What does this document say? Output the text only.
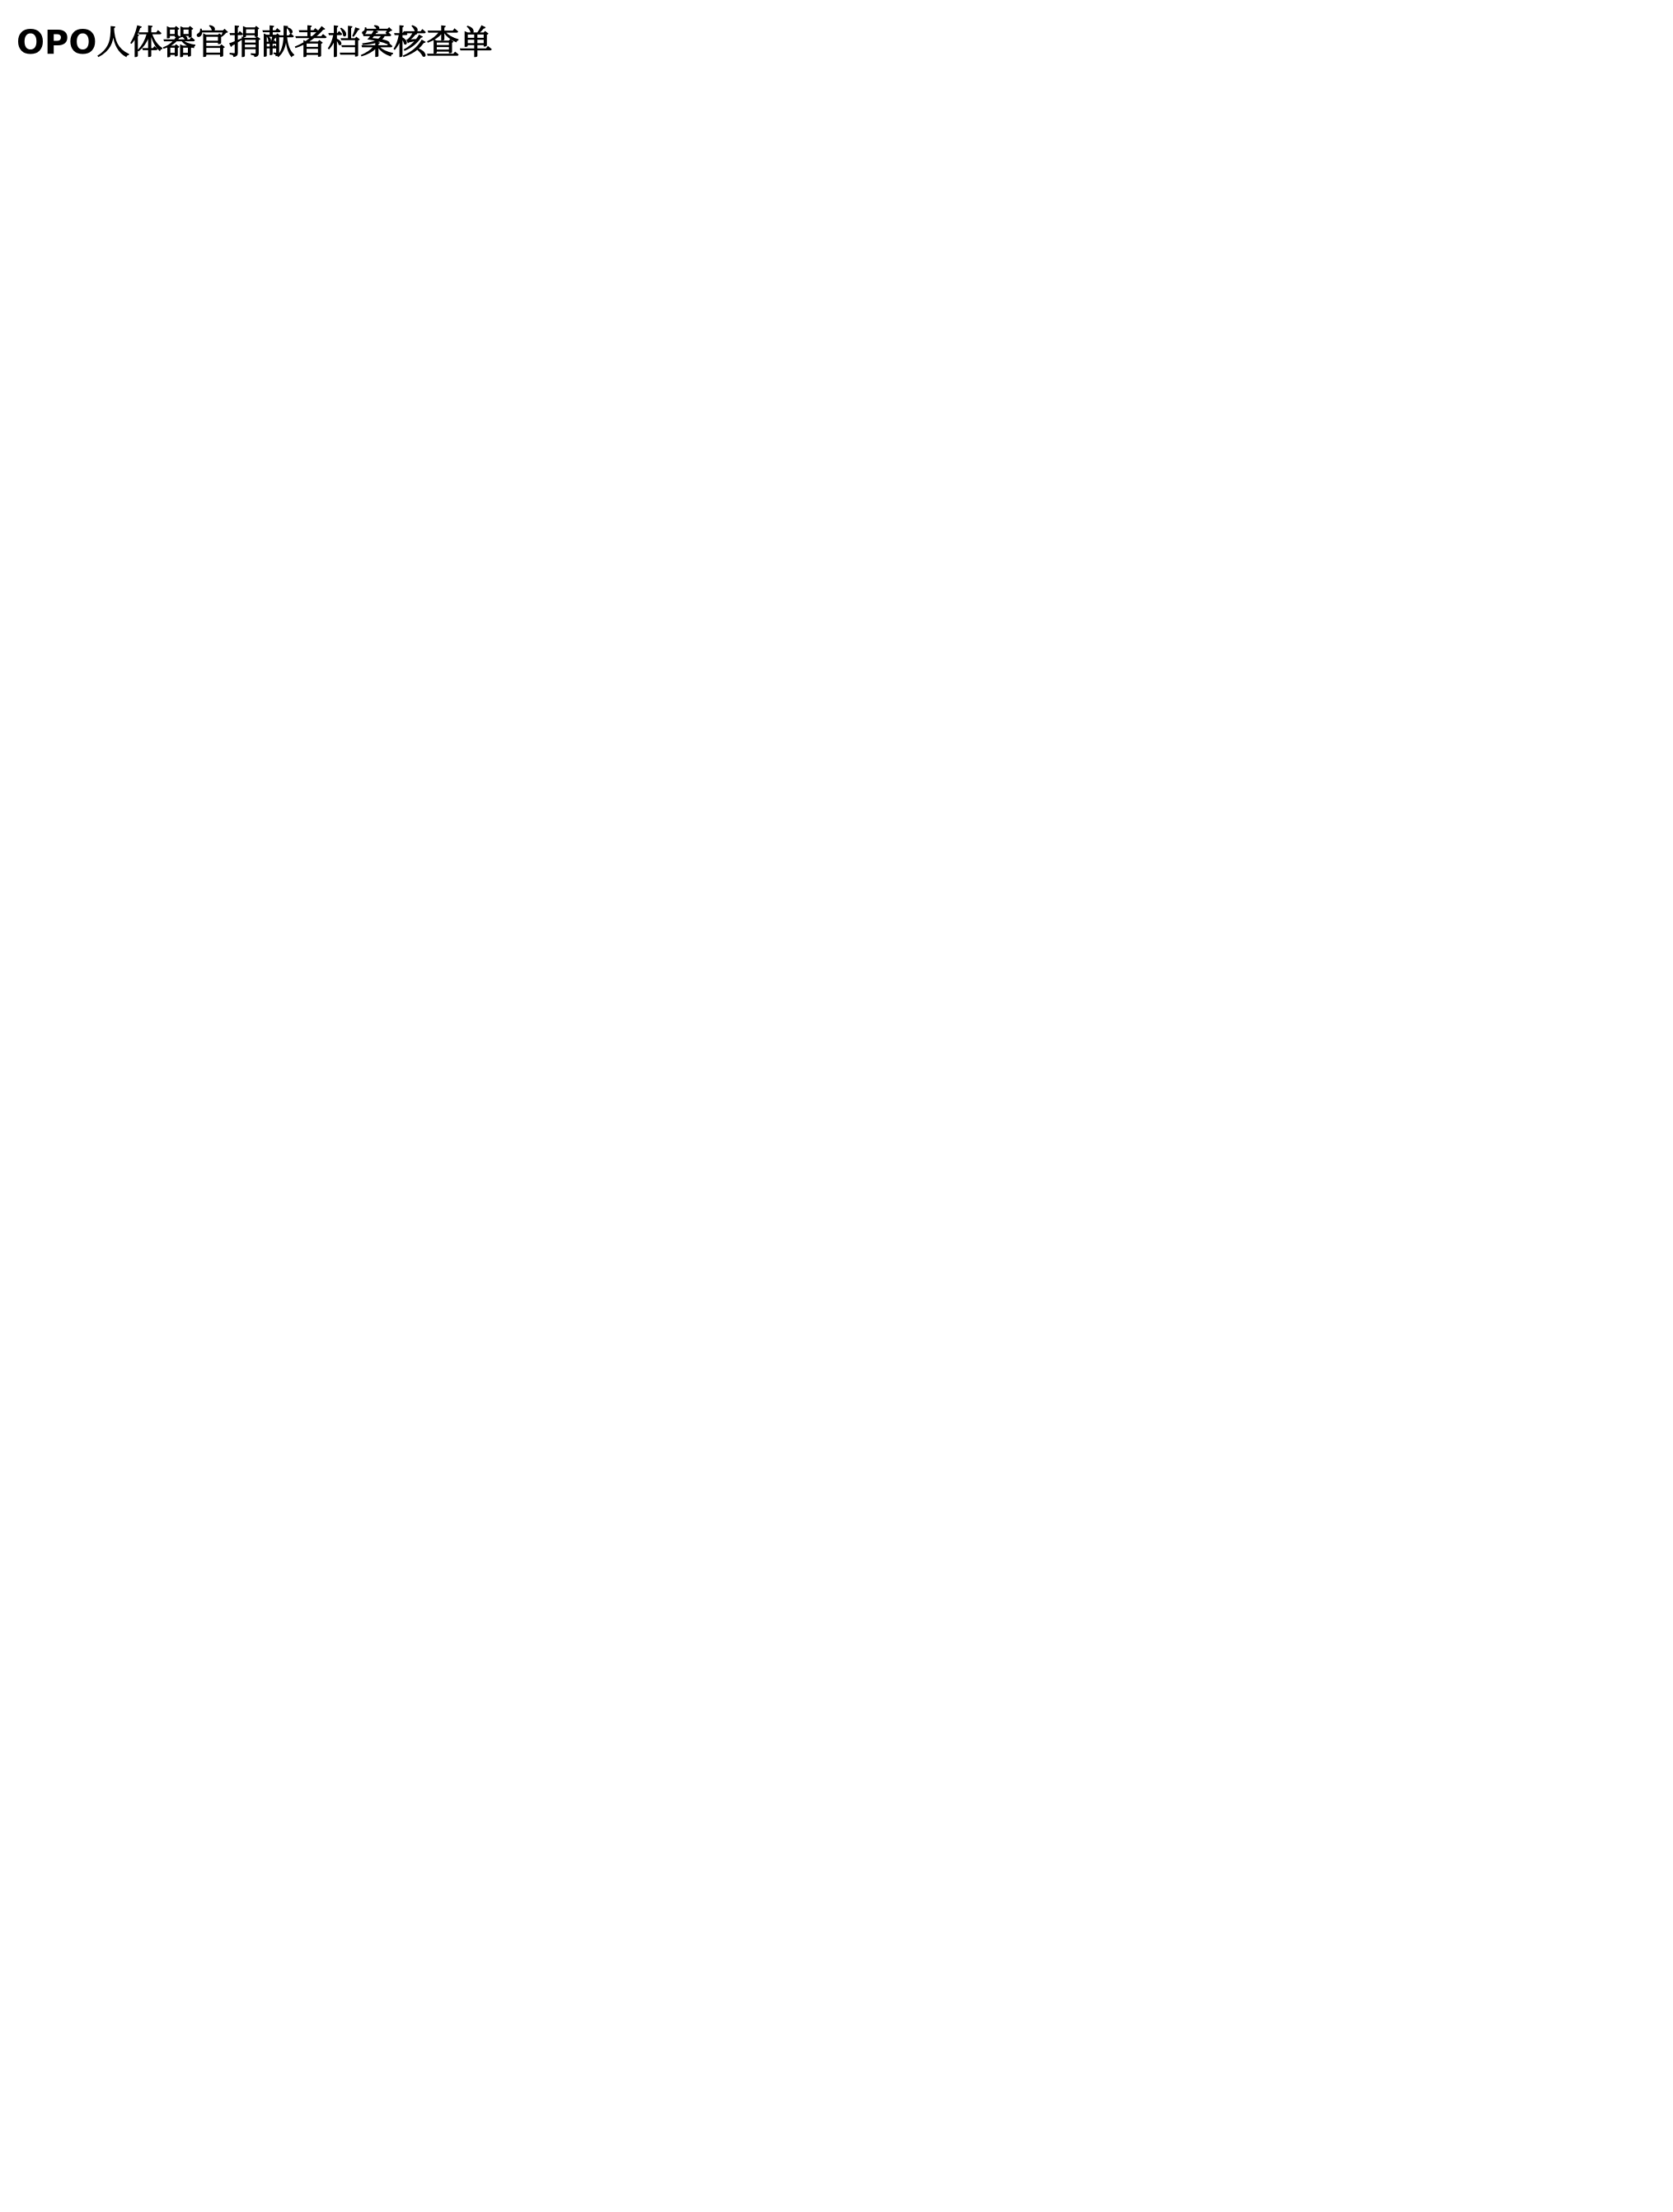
OPO人体器官捐献者档案核查单
